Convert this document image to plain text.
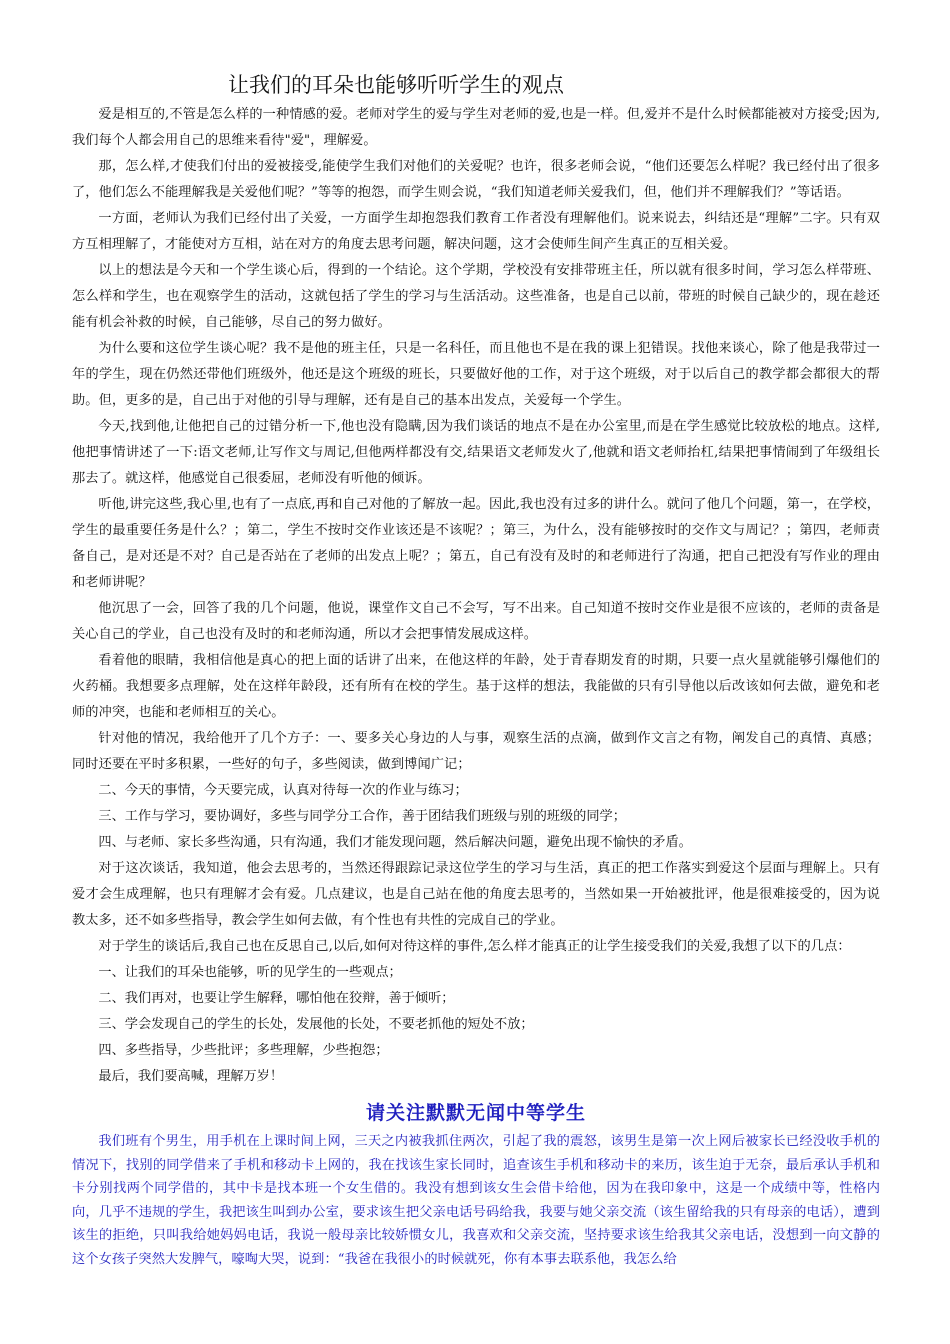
让我们的耳朵也能够听听学生的观点

爱是相互的,不管是怎么样的一种情感的爱。老师对学生的爱与学生对老师的爱,也是一样。但,爱并不是什么时候都能被对方接受;因为,我们每个人都会用自己的思维来看待"爱"，理解爱。

那，怎么样,才使我们付出的爱被接受,能使学生我们对他们的关爱呢？也许，很多老师会说，“他们还要怎么样呢？我已经付出了很多了，他们怎么不能理解我是关爱他们呢？”等等的抱怨，而学生则会说，“我们知道老师关爱我们，但，他们并不理解我们？”等话语。

一方面，老师认为我们已经付出了关爱，一方面学生却抱怨我们教育工作者没有理解他们。说来说去，纠结还是“理解”二字。只有双方互相理解了，才能使对方互相，站在对方的角度去思考问题，解决问题，这才会使师生间产生真正的互相关爱。

以上的想法是今天和一个学生谈心后，得到的一个结论。这个学期，学校没有安排带班主任，所以就有很多时间，学习怎么样带班、怎么样和学生，也在观察学生的活动，这就包括了学生的学习与生活活动。这些准备，也是自己以前，带班的时候自己缺少的，现在趁还能有机会补救的时候，自己能够，尽自己的努力做好。

为什么要和这位学生谈心呢？我不是他的班主任，只是一名科任，而且他也不是在我的课上犯错误。找他来谈心，除了他是我带过一年的学生，现在仍然还带他们班级外，他还是这个班级的班长，只要做好他的工作，对于这个班级，对于以后自己的教学都会都很大的帮助。但，更多的是，自己出于对他的引导与理解，还有是自己的基本出发点，关爱每一个学生。

今天,找到他,让他把自己的过错分析一下,他也没有隐瞒,因为我们谈话的地点不是在办公室里,而是在学生感觉比较放松的地点。这样,他把事情讲述了一下:语文老师,让写作文与周记,但他两样都没有交,结果语文老师发火了,他就和语文老师抬杠,结果把事情闹到了年级组长那去了。就这样，他感觉自己很委屈，老师没有听他的倾诉。

听他,讲完这些,我心里,也有了一点底,再和自己对他的了解放一起。因此,我也没有过多的讲什么。就问了他几个问题，第一，在学校，学生的最重要任务是什么？；第二，学生不按时交作业该还是不该呢？；第三，为什么，没有能够按时的交作文与周记？；第四，老师责备自己，是对还是不对？自己是否站在了老师的出发点上呢？；第五，自己有没有及时的和老师进行了沟通，把自己把没有写作业的理由和老师讲呢？

他沉思了一会，回答了我的几个问题，他说，课堂作文自己不会写，写不出来。自己知道不按时交作业是很不应该的，老师的责备是关心自己的学业，自己也没有及时的和老师沟通，所以才会把事情发展成这样。

看着他的眼睛，我相信他是真心的把上面的话讲了出来，在他这样的年龄，处于青春期发育的时期，只要一点火星就能够引爆他们的火药桶。我想要多点理解，处在这样年龄段，还有所有在校的学生。基于这样的想法，我能做的只有引导他以后改该如何去做，避免和老师的冲突，也能和老师相互的关心。

针对他的情况，我给他开了几个方子：一、要多关心身边的人与事，观察生活的点滴，做到作文言之有物，阐发自己的真情、真感；同时还要在平时多积累，一些好的句子，多些阅读，做到博闻广记；

二、今天的事情，今天要完成，认真对待每一次的作业与练习；

三、工作与学习，要协调好，多些与同学分工合作，善于团结我们班级与别的班级的同学；

四、与老师、家长多些沟通，只有沟通，我们才能发现问题，然后解决问题，避免出现不愉快的矛盾。

对于这次谈话，我知道，他会去思考的，当然还得跟踪记录这位学生的学习与生活，真正的把工作落实到爱这个层面与理解上。只有爱才会生成理解，也只有理解才会有爱。几点建议，也是自己站在他的角度去思考的，当然如果一开始被批评，他是很难接受的，因为说教太多，还不如多些指导，教会学生如何去做，有个性也有共性的完成自己的学业。

对于学生的谈话后,我自己也在反思自己,以后,如何对待这样的事件,怎么样才能真正的让学生接受我们的关爱,我想了以下的几点：

一、让我们的耳朵也能够，听的见学生的一些观点；

二、我们再对，也要让学生解释，哪怕他在狡辩，善于倾听；

三、学会发现自己的学生的长处，发展他的长处，不要老抓他的短处不放；

四、多些指导，少些批评；多些理解，少些抱怨；

最后，我们要高喊，理解万岁！

请关注默默无闻中等学生

我们班有个男生，用手机在上课时间上网，三天之内被我抓住两次，引起了我的震怒，该男生是第一次上网后被家长已经没收手机的情况下，找别的同学借来了手机和移动卡上网的，我在找该生家长同时，追查该生手机和移动卡的来历，该生迫于无奈，最后承认手机和卡分别找两个同学借的，其中卡是找本班一个女生借的。我没有想到该女生会借卡给他，因为在我印象中，这是一个成绩中等，性格内向，几乎不违规的学生，我把该生叫到办公室，要求该生把父亲电话号码给我，我要与她父亲交流（该生留给我的只有母亲的电话），遭到该生的拒绝，只叫我给她妈妈电话，我说一般母亲比较娇惯女儿，我喜欢和父亲交流，坚持要求该生给我其父亲电话，没想到一向文静的这个女孩子突然大发脾气，嚎啕大哭，说到：“我爸在我很小的时候就死，你有本事去联系他，我怎么给
